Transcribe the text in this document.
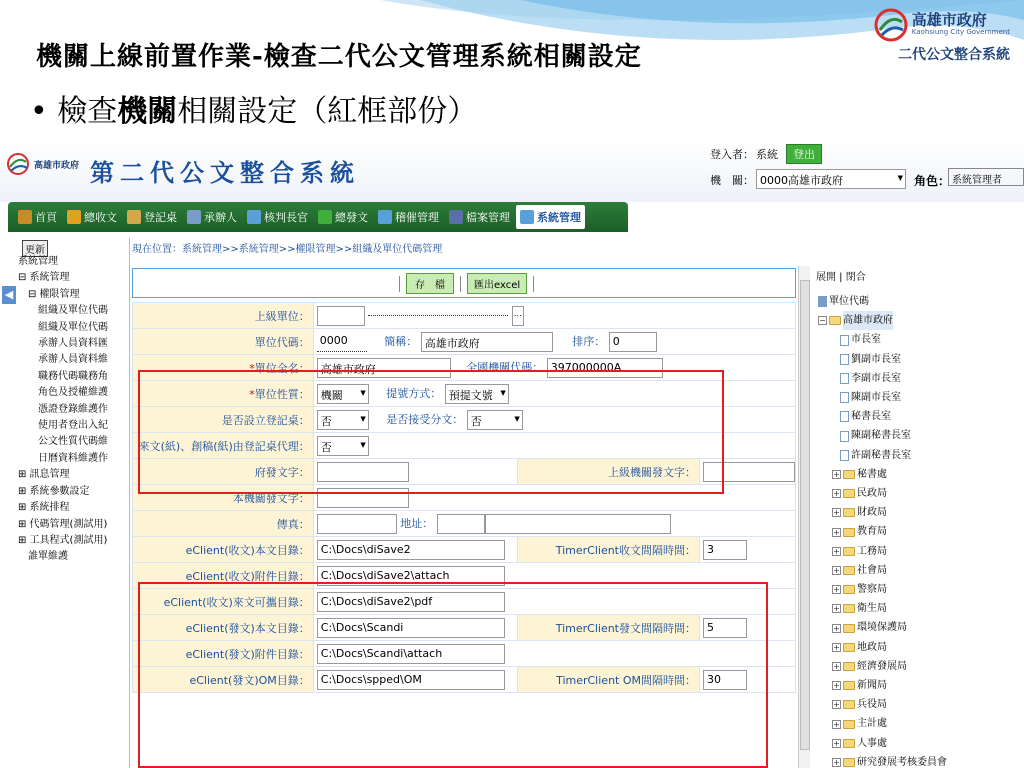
高雄市政府
Kaohsiung City Government
二代公文整合系統
機關上線前置作業-檢查二代公文管理系統相關設定
• 檢查機關相關設定（紅框部份）
高雄市政府 第二代公文整合系統
登入者： 系統	登出
機　關： 0000高雄市政府 ▼	角色： 系統管理者
首頁 總收文 登記桌 承辦人 核判長官 總發文 稽催管理 檔案管理 系統管理
更新
◀
系統管理
⊟ 系統管理
　⊟ 權限管理
　　組織及單位代碼
　　組織及單位代碼
　　承辦人員資料匯
　　承辦人員資料維
　　職務代碼職務角
　　角色及授權維護
　　憑證登錄維護作
　　使用者登出入紀
　　公文性質代碼維
　　日曆資料維護作
⊞ 訊息管理
⊞ 系統參數設定
⊞ 系統排程
⊞ 代碼管理(測試用)
⊞ 工具程式(測試用)
　誰單維護
現在位置：系統管理>>系統管理>>權限管理>>組織及單位代碼管理
存　檔	匯出excel
上級單位：	…		
單位代碼：	0000 簡稱： 高雄市政府 排序： 0		
*單位全名：	高雄市政府 全國機關代碼： 397000000A		
*單位性質：	機關 ▼ 提號方式： 預提文號 ▼
是否設立登記桌：	否 ▼ 是否接受分文： 否 ▼
來文(紙)、創稿(紙)由登記桌代理：	否 ▼
府發文字：		上級機關發文字：	
本機關發文字：			
傳真：	地址：		
eClient(收文)本文目錄：	C:\Docs\diSave2	TimerClient收文間隔時間：	3
eClient(收文)附件目錄：	C:\Docs\diSave2\attach		
eClient(收文)來文可攜目錄：	C:\Docs\diSave2\pdf		
eClient(發文)本文目錄：	C:\Docs\Scandi	TimerClient發文間隔時間：	5
eClient(發文)附件目錄：	C:\Docs\Scandi\attach		
eClient(發文)OM目錄：	C:\Docs\spped\OM	TimerClient OM間隔時間：	30
展開 | 閉合
單位代碼
− 高雄市政府
市長室
劉副市長室
李副市長室
陳副市長室
秘書長室
陳副秘書長室
許副秘書長室
+ 秘書處
+ 民政局
+ 財政局
+ 教育局
+ 工務局
+ 社會局
+ 警察局
+ 衛生局
+ 環境保護局
+ 地政局
+ 經濟發展局
+ 新聞局
+ 兵役局
+ 主計處
+ 人事處
+ 研究發展考核委員會
